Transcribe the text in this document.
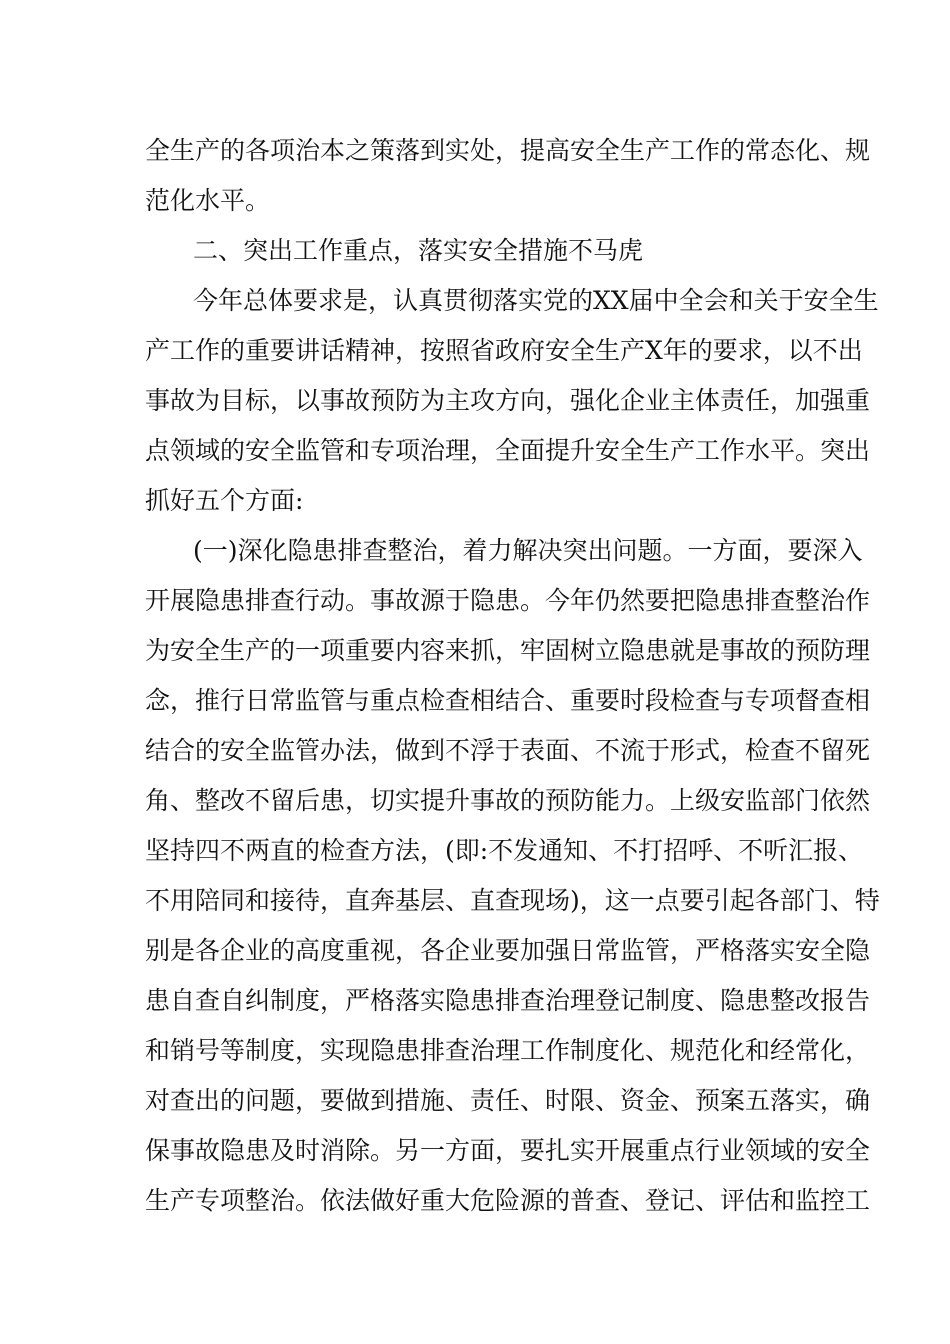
全生产的各项治本之策落到实处，提高安全生产工作的常态化、规
范化水平。
二、突出工作重点，落实安全措施不马虎
今年总体要求是，认真贯彻落实党的XX届中全会和关于安全生
产工作的重要讲话精神，按照省政府安全生产X年的要求，以不出
事故为目标，以事故预防为主攻方向，强化企业主体责任，加强重
点领域的安全监管和专项治理，全面提升安全生产工作水平。突出
抓好五个方面:
(一)深化隐患排查整治，着力解决突出问题。一方面，要深入
开展隐患排查行动。事故源于隐患。今年仍然要把隐患排查整治作
为安全生产的一项重要内容来抓，牢固树立隐患就是事故的预防理
念，推行日常监管与重点检查相结合、重要时段检查与专项督查相
结合的安全监管办法，做到不浮于表面、不流于形式，检查不留死
角、整改不留后患，切实提升事故的预防能力。上级安监部门依然
坚持四不两直的检查方法，(即:不发通知、不打招呼、不听汇报、
不用陪同和接待，直奔基层、直查现场)，这一点要引起各部门、特
别是各企业的高度重视，各企业要加强日常监管，严格落实安全隐
患自查自纠制度，严格落实隐患排查治理登记制度、隐患整改报告
和销号等制度，实现隐患排查治理工作制度化、规范化和经常化，
对查出的问题，要做到措施、责任、时限、资金、预案五落实，确
保事故隐患及时消除。另一方面，要扎实开展重点行业领域的安全
生产专项整治。依法做好重大危险源的普查、登记、评估和监控工
